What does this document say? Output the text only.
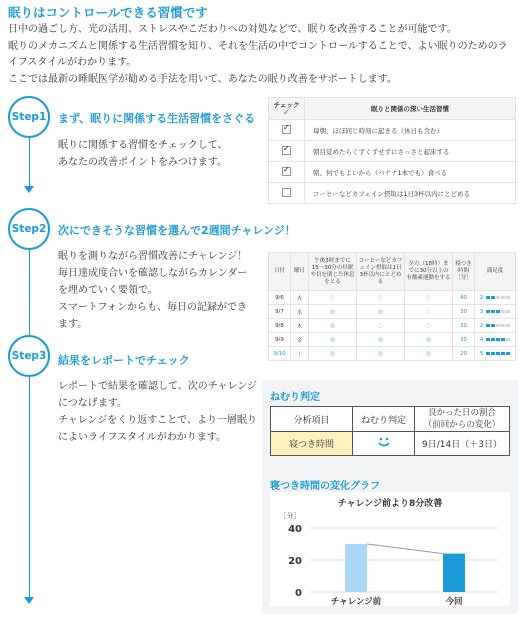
眠りはコントロールできる習慣です

日中の過ごし方、光の活用、ストレスやこだわりへの対処などで、眠りを改善することが可能です。

眠りのメカニズムと関係する生活習慣を知り、それを生活の中でコントロールすることで、よい眠りのためのラ

イフスタイルがわかります。

ここでは最新の睡眠医学が勧める手法を用いて、あなたの眠り改善をサポートします。

Step1 まず、眠りに関係する生活習慣をさぐる

眠りに関係する習慣をチェックして、

あなたの改善ポイントをみつけます。

チェック
✓	眠りと関係の深い生活習慣
✓	毎朝、ほぼ同じ時刻に起きる（休日も含む）
✓	朝目覚めたらぐずぐずせずにさっさと起床する
✓	朝、何でもよいから（バナナ1本でも）食べる
	コーヒーなどカフェイン摂取は1日3杯以内にとどめる
Step2 次にできそうな習慣を選んで2週間チャレンジ！

眠りを測りながら習慣改善にチャレンジ！

毎日達成度合いを確認しながらカレンダー

を埋めていく要領で。

スマートフォンからも、毎日の記録ができ

ます。

日付	曜日	午後3時までに15〜30分の昼眠や目を閉じた休息をとる	コーヒーなどカフェイン摂取は1日3杯以内にとどめる	夕方（18時）までに30分以上の有酸素運動をする	寝つき時間［分］	満足度
9/6	火	○	○	○	40	2

9/7	水	◎	◎	○	30	3

9/8	木	◎	○	○	30	2

9/9	金	◎	◎	◎	30	4

9/10	土	◎	◎	◎	20	5
Step3 結果をレポートでチェック

レポートで結果を確認して、次のチャレンジ

につなげます。

チャレンジをくり返すことで、より一層眠り

によいライフスタイルがわかります。

ねむり判定
分析項目	ねむり判定	良かった日の割合
（前回からの変化）
寝つき時間		9日/14日（＋3日）
寝つき時間の変化グラフ
チャレンジ前より8分改善
［分］
40
20
0
チャレンジ前	今回
